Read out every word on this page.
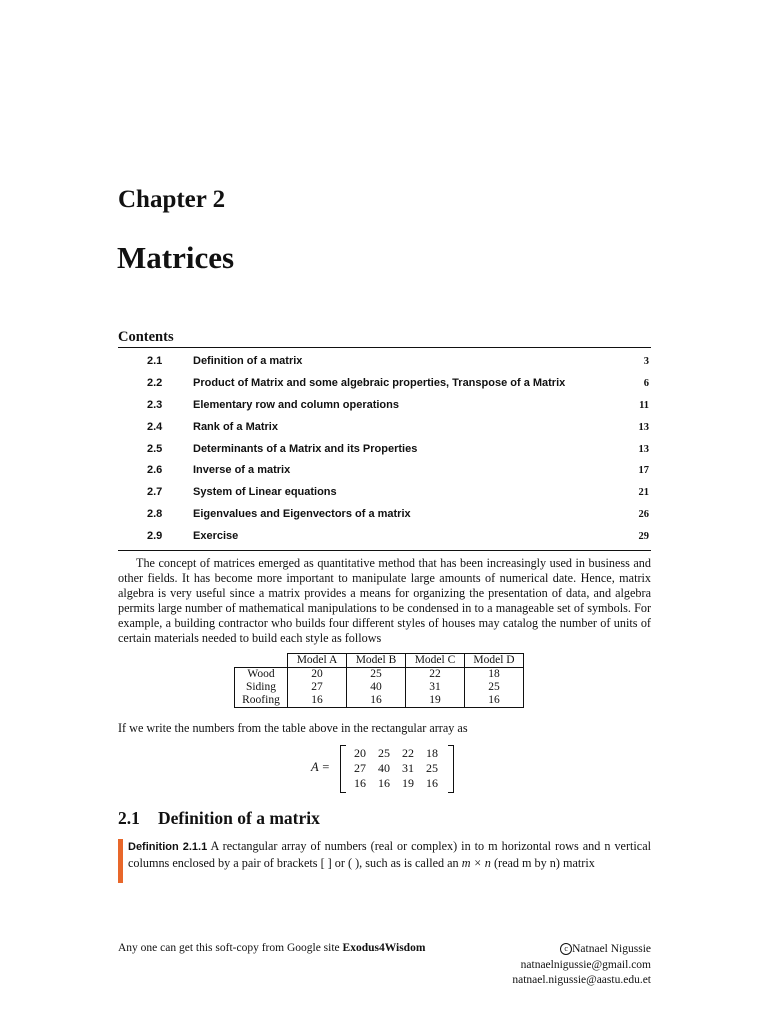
Chapter 2
Matrices
Contents
2.1	Definition of a matrix	3
2.2	Product of Matrix and some algebraic properties, Transpose of a Matrix	6
2.3	Elementary row and column operations	11
2.4	Rank of a Matrix	13
2.5	Determinants of a Matrix and its Properties	13
2.6	Inverse of a matrix	17
2.7	System of Linear equations	21
2.8	Eigenvalues and Eigenvectors of a matrix	26
2.9	Exercise	29

The concept of matrices emerged as quantitative method that has been increasingly used in business and other fields. It has become more important to manipulate large amounts of numerical date. Hence, matrix algebra is very useful since a matrix provides a means for organizing the presentation of data, and algebra permits large number of mathematical manipulations to be condensed in to a manageable set of symbols. For example, a building contractor who builds four different styles of houses may catalog the number of units of certain materials needed to build each style as follows

	Model A	Model B	Model C	Model D
Wood	20	25	22	18
Siding	27	40	31	25
Roofing	16	16	19	16

If we write the numbers from the table above in the rectangular array as

A =
20	25	22	18
27	40	31	25
16	16	19	16
2.1 Definition of a matrix

Definition 2.1.1 A rectangular array of numbers (real or complex) in to m horizontal rows and n vertical columns enclosed by a pair of brackets [ ] or ( ), such as is called an m × n (read m by n) matrix

Any one can get this soft-copy from Google site Exodus4Wisdom	c Natnael Nigussie
natnaelnigussie@gmail.com
natnael.nigussie@aastu.edu.et
